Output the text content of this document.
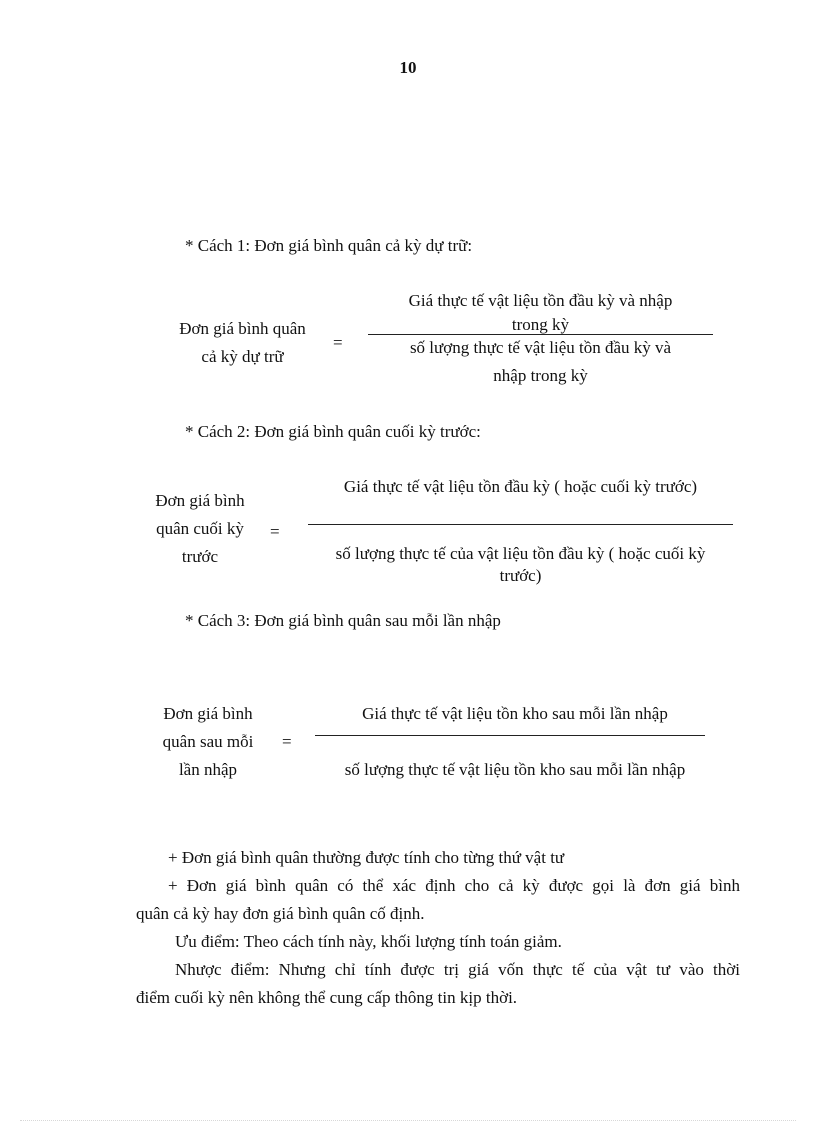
10
* Cách 1: Đơn giá bình quân cả kỳ dự trữ:
Đơn giá bình quân
cả kỳ dự trữ
=
Giá thực tế vật liệu tồn đầu kỳ và nhập
trong kỳ
số lượng thực tế vật liệu tồn đầu kỳ và
nhập trong kỳ
* Cách 2: Đơn giá bình quân cuối kỳ trước:
Đơn giá bình
quân cuối kỳ
trước
=
Giá thực tế vật liệu tồn đầu kỳ ( hoặc cuối kỳ trước)
số lượng thực tế của vật liệu tồn đầu kỳ ( hoặc cuối kỳ
trước)
* Cách 3: Đơn giá bình quân sau mỗi lần nhập
Đơn giá bình
quân sau mỗi
lần nhập
=
Giá thực tế vật liệu tồn kho sau mỗi lần nhập
số lượng thực tế vật liệu tồn kho sau mỗi lần nhập
+ Đơn giá bình quân thường được tính cho từng thứ vật tư
+ Đơn giá bình quân có thể xác định cho cả kỳ được gọi là đơn giá bình
quân cả kỳ hay đơn giá bình quân cố định.
Ưu điểm: Theo cách tính này, khối lượng tính toán giảm.
Nhược điểm: Nhưng chỉ tính được trị giá vốn thực tế của vật tư vào thời
điểm cuối kỳ nên không thể cung cấp thông tin kịp thời.
